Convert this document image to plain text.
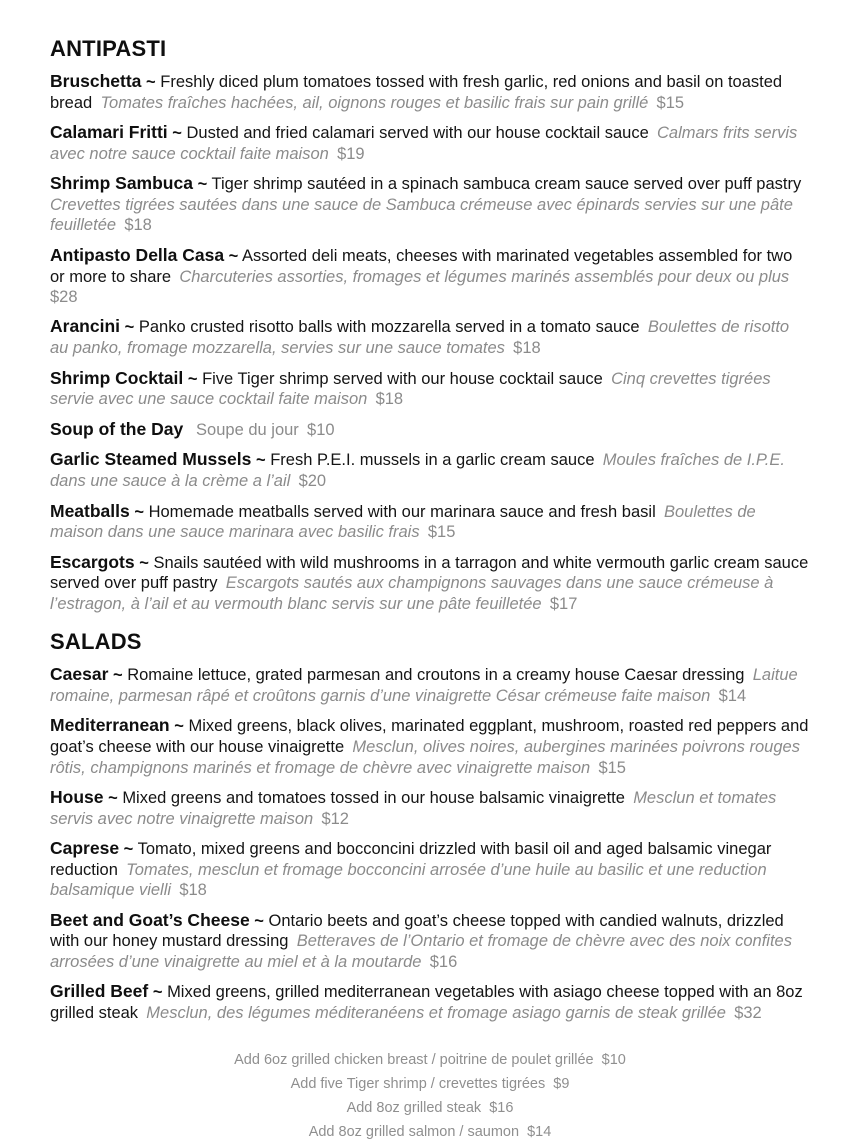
ANTIPASTI

Bruschetta ~ Freshly diced plum tomatoes tossed with fresh garlic, red onions and basil on toasted bread Tomates fraîches hachées, ail, oignons rouges et basilic frais sur pain grillé $15

Calamari Fritti ~ Dusted and fried calamari served with our house cocktail sauce Calmars frits servis avec notre sauce cocktail faite maison $19

Shrimp Sambuca ~ Tiger shrimp sautéed in a spinach sambuca cream sauce served over puff pastryCrevettes tigrées sautées dans une sauce de Sambuca crémeuse avec épinards servies sur une pâte feuilletée $18

Antipasto Della Casa ~ Assorted deli meats, cheeses with marinated vegetables assembled for two or more to share Charcuteries assorties, fromages et légumes marinés assemblés pour deux ou plus$28

Arancini ~ Panko crusted risotto balls with mozzarella served in a tomato sauce Boulettes de risotto au panko, fromage mozzarella, servies sur une sauce tomates $18

Shrimp Cocktail ~ Five Tiger shrimp served with our house cocktail sauce Cinq crevettes tigrées servie avec une sauce cocktail faite maison $18

Soup of the Day Soupe du jour $10

Garlic Steamed Mussels ~ Fresh P.E.I. mussels in a garlic cream sauce Moules fraîches de I.P.E. dans une sauce à la crème a l’ail $20

Meatballs ~ Homemade meatballs served with our marinara sauce and fresh basil Boulettes de maison dans une sauce marinara avec basilic frais $15

Escargots ~ Snails sautéed with wild mushrooms in a tarragon and white vermouth garlic cream sauce served over puff pastry Escargots sautés aux champignons sauvages dans une sauce crémeuse à l’estragon, à l’ail et au vermouth blanc servis sur une pâte feuilletée $17

SALADS

Caesar ~ Romaine lettuce, grated parmesan and croutons in a creamy house Caesar dressing Laitue romaine, parmesan râpé et croûtons garnis d’une vinaigrette César crémeuse faite maison $14

Mediterranean ~ Mixed greens, black olives, marinated eggplant, mushroom, roasted red peppers and goat’s cheese with our house vinaigrette Mesclun, olives noires, aubergines marinées poivrons rouges rôtis, champignons marinés et fromage de chèvre avec vinaigrette maison $15

House ~ Mixed greens and tomatoes tossed in our house balsamic vinaigrette Mesclun et tomates servis avec notre vinaigrette maison $12

Caprese ~ Tomato, mixed greens and bocconcini drizzled with basil oil and aged balsamic vinegar reduction Tomates, mesclun et fromage bocconcini arrosée d’une huile au basilic et une reduction balsamique vielli $18

Beet and Goat’s Cheese ~ Ontario beets and goat’s cheese topped with candied walnuts, drizzled with our honey mustard dressing Betteraves de l’Ontario et fromage de chèvre avec des noix confites arrosées d’une vinaigrette au miel et à la moutarde $16

Grilled Beef ~ Mixed greens, grilled mediterranean vegetables with asiago cheese topped with an 8oz grilled steak Mesclun, des légumes méditeranéens et fromage asiago garnis de steak grillée $32

Add 6oz grilled chicken breast / poitrine de poulet grillée  $10

Add five Tiger shrimp / crevettes tigrées  $9

Add 8oz grilled steak  $16

Add 8oz grilled salmon / saumon  $14
